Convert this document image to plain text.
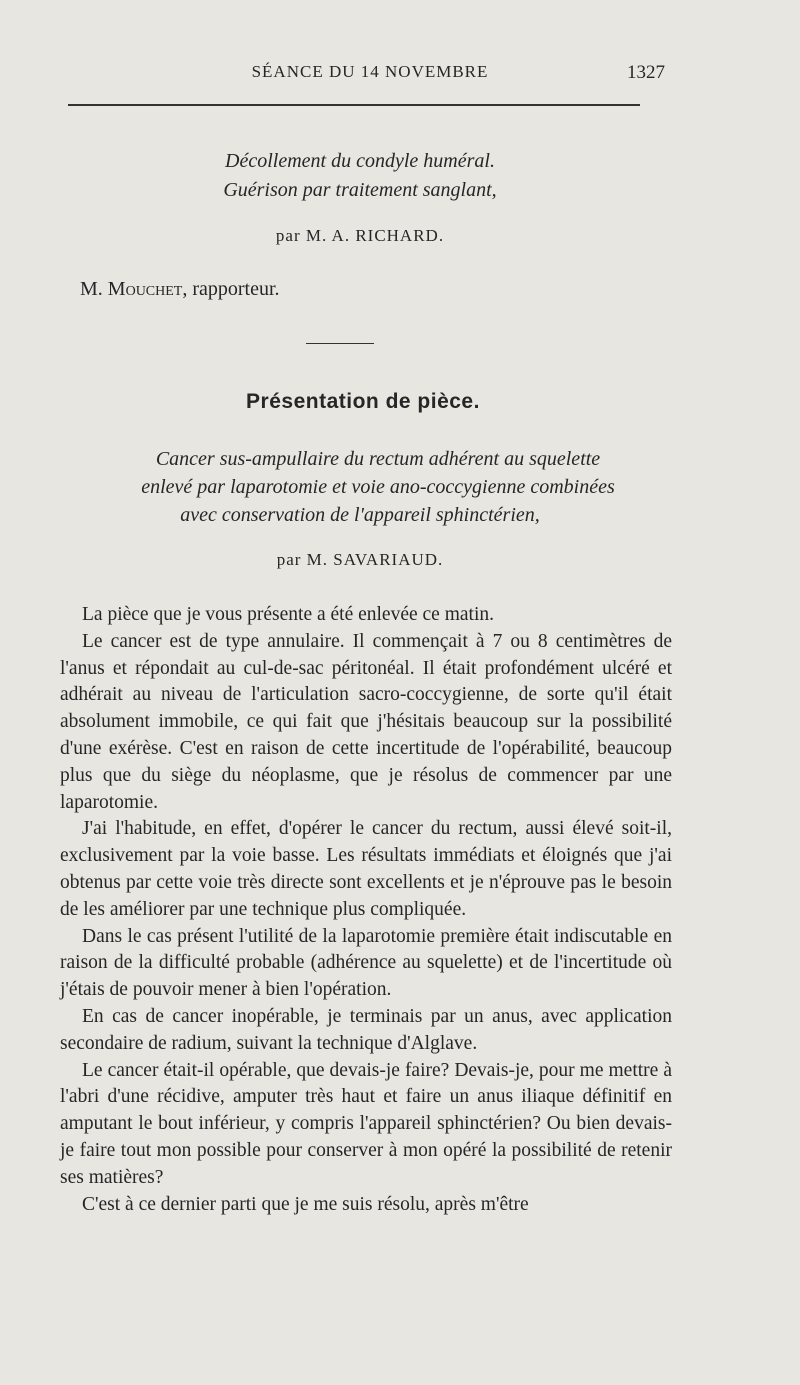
SÉANCE DU 14 NOVEMBRE	1327
Décollement du condyle huméral.
Guérison par traitement sanglant,
par M. A. RICHARD.
M. Mouchet, rapporteur.
Présentation de pièce.
Cancer sus-ampullaire du rectum adhérent au squelette
enlevé par laparotomie et voie ano-coccygienne combinées
avec conservation de l'appareil sphinctérien,
par M. SAVARIAUD.

La pièce que je vous présente a été enlevée ce matin.

Le cancer est de type annulaire. Il commençait à 7 ou 8 centimètres de l'anus et répondait au cul-de-sac péritonéal. Il était profondément ulcéré et adhérait au niveau de l'articulation sacro-coccygienne, de sorte qu'il était absolument immobile, ce qui fait que j'hésitais beaucoup sur la possibilité d'une exérèse. C'est en raison de cette incertitude de l'opérabilité, beaucoup plus que du siège du néoplasme, que je résolus de commencer par une laparotomie.

J'ai l'habitude, en effet, d'opérer le cancer du rectum, aussi élevé soit-il, exclusivement par la voie basse. Les résultats immédiats et éloignés que j'ai obtenus par cette voie très directe sont excellents et je n'éprouve pas le besoin de les améliorer par une technique plus compliquée.

Dans le cas présent l'utilité de la laparotomie première était indiscutable en raison de la difficulté probable (adhérence au squelette) et de l'incertitude où j'étais de pouvoir mener à bien l'opération.

En cas de cancer inopérable, je terminais par un anus, avec application secondaire de radium, suivant la technique d'Alglave.

Le cancer était-il opérable, que devais-je faire? Devais-je, pour me mettre à l'abri d'une récidive, amputer très haut et faire un anus iliaque définitif en amputant le bout inférieur, y compris l'appareil sphinctérien? Ou bien devais-je faire tout mon possible pour conserver à mon opéré la possibilité de retenir ses matières?

C'est à ce dernier parti que je me suis résolu, après m'être
